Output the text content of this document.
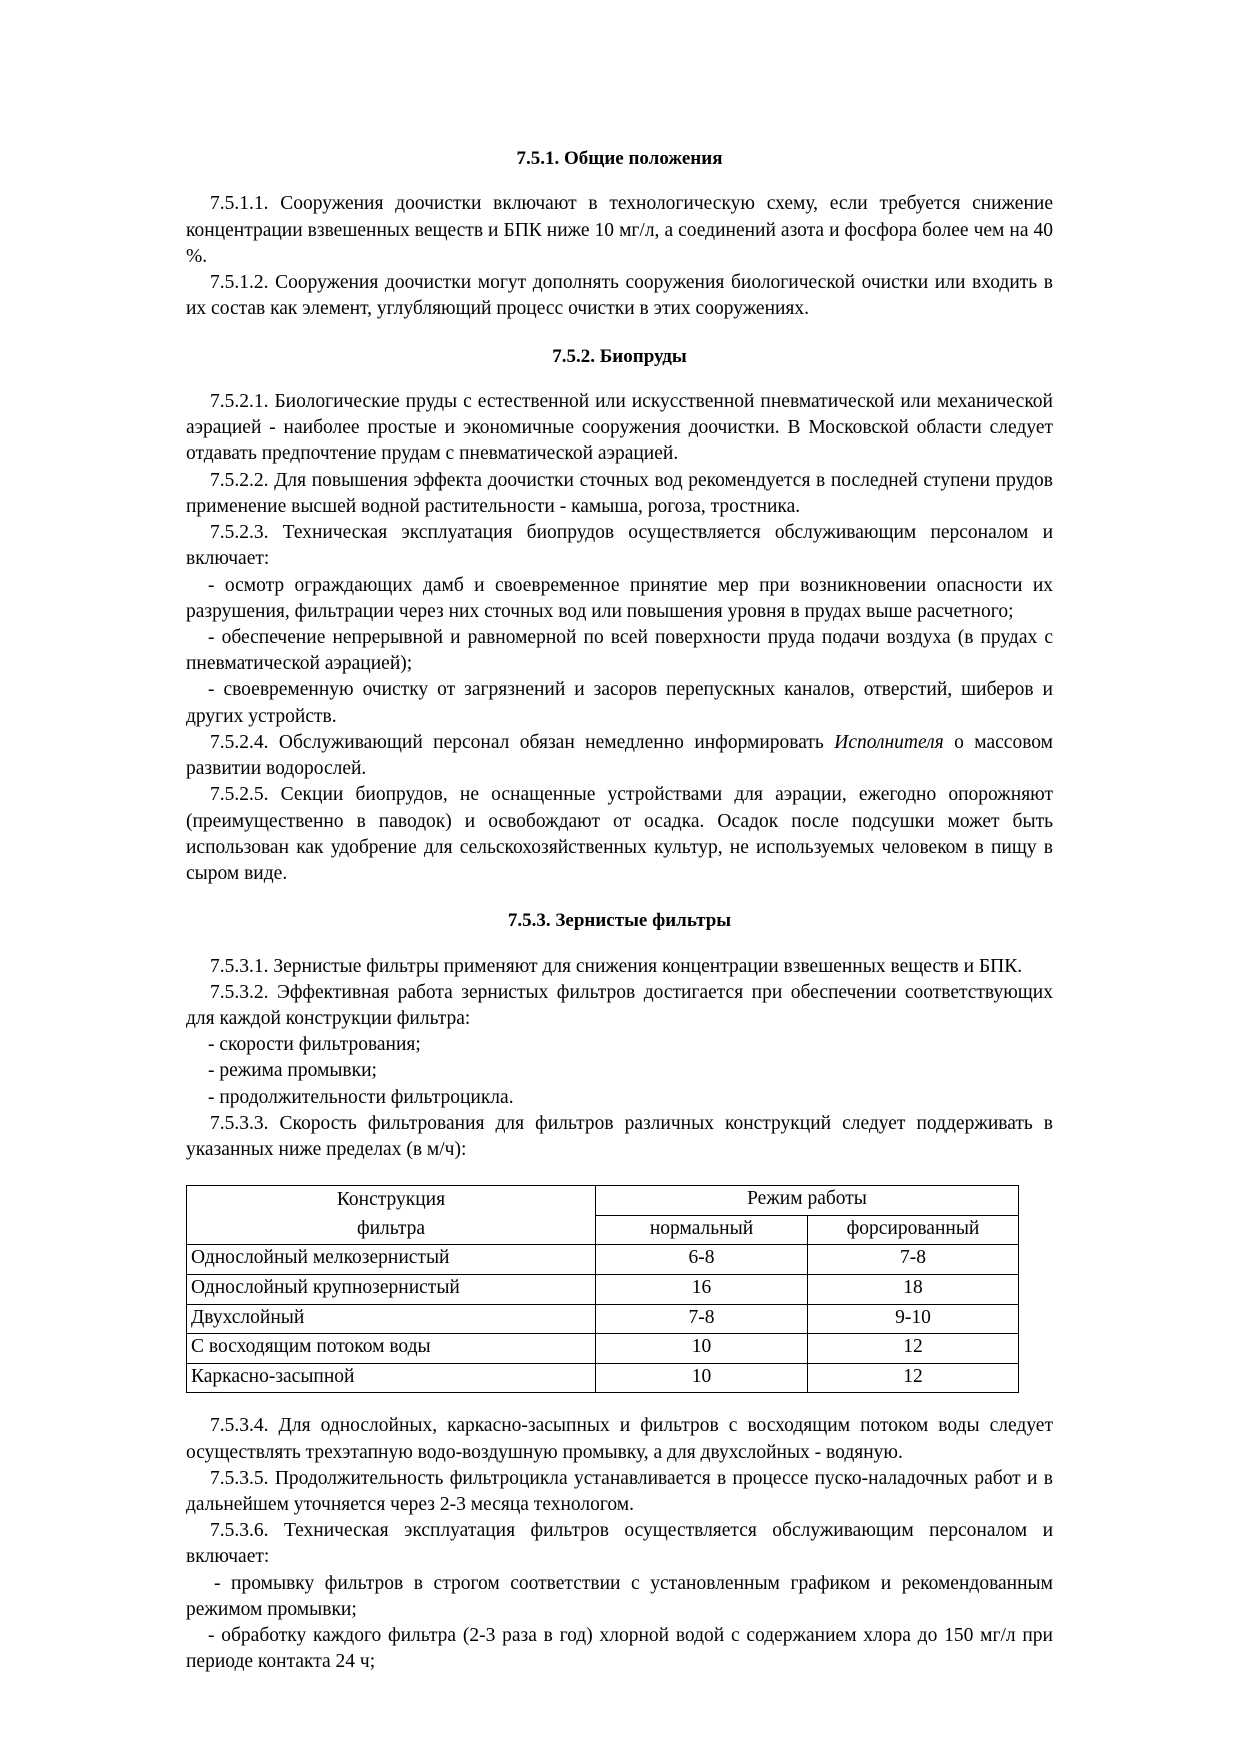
7.5.1. Общие положения

7.5.1.1. Сооружения доочистки включают в технологическую схему, если требуется снижение концентрации взвешенных веществ и БПК ниже 10 мг/л, а соединений азота и фосфора более чем на 40 %.

7.5.1.2. Сооружения доочистки могут дополнять сооружения биологической очистки или входить в их состав как элемент, углубляющий процесс очистки в этих сооружениях.

7.5.2. Биопруды

7.5.2.1. Биологические пруды с естественной или искусственной пневматической или механической аэрацией - наиболее простые и экономичные сооружения доочистки. В Московской области следует отдавать предпочтение прудам с пневматической аэрацией.

7.5.2.2. Для повышения эффекта доочистки сточных вод рекомендуется в последней ступени прудов применение высшей водной растительности - камыша, рогоза, тростника.

7.5.2.3. Техническая эксплуатация биопрудов осуществляется обслуживающим персоналом и включает:

- осмотр ограждающих дамб и своевременное принятие мер при возникновении опасности их разрушения, фильтрации через них сточных вод или повышения уровня в прудах выше расчетного;

- обеспечение непрерывной и равномерной по всей поверхности пруда подачи воздуха (в прудах с пневматической аэрацией);

- своевременную очистку от загрязнений и засоров перепускных каналов, отверстий, шиберов и других устройств.

7.5.2.4. Обслуживающий персонал обязан немедленно информировать Исполнителя о массовом развитии водорослей.

7.5.2.5. Секции биопрудов, не оснащенные устройствами для аэрации, ежегодно опорожняют (преимущественно в паводок) и освобождают от осадка. Осадок после подсушки может быть использован как удобрение для сельскохозяйственных культур, не используемых человеком в пищу в сыром виде.

7.5.3. Зернистые фильтры

7.5.3.1. Зернистые фильтры применяют для снижения концентрации взвешенных веществ и БПК.

7.5.3.2. Эффективная работа зернистых фильтров достигается при обеспечении соответствующих для каждой конструкции фильтра:

- скорости фильтрования;

- режима промывки;

- продолжительности фильтроцикла.

7.5.3.3. Скорость фильтрования для фильтров различных конструкций следует поддерживать в указанных ниже пределах (в м/ч):

Конструкция	Режим работы	
фильтра	нормальный	форсированный
Однослойный мелкозернистый	6-8	7-8
Однослойный крупнозернистый	16	18
Двухслойный	7-8	9-10
С восходящим потоком воды	10	12
Каркасно-засыпной	10	12

7.5.3.4. Для однослойных, каркасно-засыпных и фильтров с восходящим потоком воды следует осуществлять трехэтапную водо-воздушную промывку, а для двухслойных - водяную.

7.5.3.5. Продолжительность фильтроцикла устанавливается в процессе пуско-наладочных работ и в дальнейшем уточняется через 2-3 месяца технологом.

7.5.3.6. Техническая эксплуатация фильтров осуществляется обслуживающим персоналом и включает:

- промывку фильтров в строгом соответствии с установленным графиком и рекомендованным режимом промывки;

- обработку каждого фильтра (2-3 раза в год) хлорной водой с содержанием хлора до 150 мг/л при периоде контакта 24 ч;
